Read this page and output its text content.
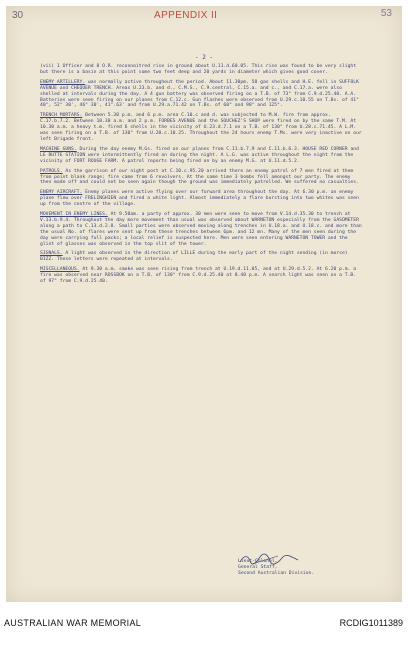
30	APPENDIX II	53
- 2 -
(vii) 1 Officer and 8 O.R. reconnoitred rise in ground about U.11.d.60.05. This rise was found to be very slight but there is a basin at this point some two feet deep and 20 yards in diameter which gives good cover.
ENEMY ARTILLERY. was normally active throughout the period. About 11.30pm. 50 gas shells and H.E. fell in SUFFOLK AVENUE and CHEQUER TRENCH. Areas U.23.b. and d., C.M.S., C.9.central, C.15.a. and c., and C.17.a. were also shelled at intervals during the day. A 4 gun battery was observed firing on a T.B. of 73° from C.9.d.25.40. A.A. Batteries were seen firing on our planes from C.12.c. Gun flashes were observed from U.29.c.10.55 on T.Bs. of 41° 40°, 52° 30', 46° 30', 41°.63' and from U.29.a.71.42 on T.Bs. of 60° and 90° and 125°.
TRENCH MORTARS. Between 5.30 p.m. and 6 p.m. area C.10.c and d. was subjected to M.W. fire from approx. C.17.b.7.2. Between 10.30 a.m. and 2 p.m. FORBES AVENUE and the SOUCHEZ'S SHOP were fired on by the same T.M. At 10.30 a.m. a heavy t.m. fired 6 shells in the vicinity of U.23.d.7.1 on a T.B. of 130° from U.28.c.71.45. A L.M. was seen firing on a T.B. of 130° from U.20.c.10.25. Throughout the 24 hours enemy T.Ms. were very inactive on our left Brigade front.
MACHINE GUNS. During the day enemy M.Gs. fired on our planes from C.11.b.7.9 and C.11.b.6.3. HOUSE RED CORNER and LE BUTTE STATION were intermittently fired on during the night. A L.G. was active throughout the night from the vicinity of FORT ROUGE FARM. A patrol reports being fired on by an enemy M.G. at U.11.d.5.2.
PATROLS. As the garrison of our night post at C.10.c.95.20 arrived there an enemy patrol of 7 men fired at them from point blank range; fire came from 6 revolvers. At the same time 3 bombs fell amongst our party. The enemy then made off and could not be seen again though the ground was immediately patrolled. We suffered no casualties.
ENEMY AIRCRAFT. Enemy planes were active flying over our forward area throughout the day. At 6.30 p.m. an enemy plane flew over FRELINGHIEN and fired a white light. Almost immediately a flare bursting into two whites was seen up from the centre of the village.
MOVEMENT IN ENEMY LINES. At 9.50am. a party of approx. 30 men were seen to move from V.14.d.35.30 to trench at V.13.b.9.4. Throughout the day more movement than usual was observed about WARNETON especially from the GASOMETER along a path to C.13.d.2.8. Small parties were observed moving along trenches in U.18.a. and U.18.c. and more than the usual No. of flares were sent up from these trenches between 6pm. and 12 mn. Many of the men seen during the day were carrying full packs; a local relief is suspected here. Men were seen entering WARNETON TOWER and the glint of glasses was observed in the top slit of the tower.
SIGNALS. A light was observed in the direction of LILLE during the early part of the night sending (in morse) BIZZ. These letters were repeated at intervals.
MISCELLANEOUS. At 9.30 a.m. smoke was seen rising from trench at U.19.d.11.05, and at U.29.d.5.2. At 6.20 p.m. a fire was observed near ROSSBOK on a T.B. of 130° from C.9.d.25.40 at 8.40 p.m. A search light was seen on a T.B. of 97° from C.9.d.25.40.
Lieut-Colonel,
General Staff,
Second Australian Division.
AUSTRALIAN WAR MEMORIAL	RCDIG1011389
